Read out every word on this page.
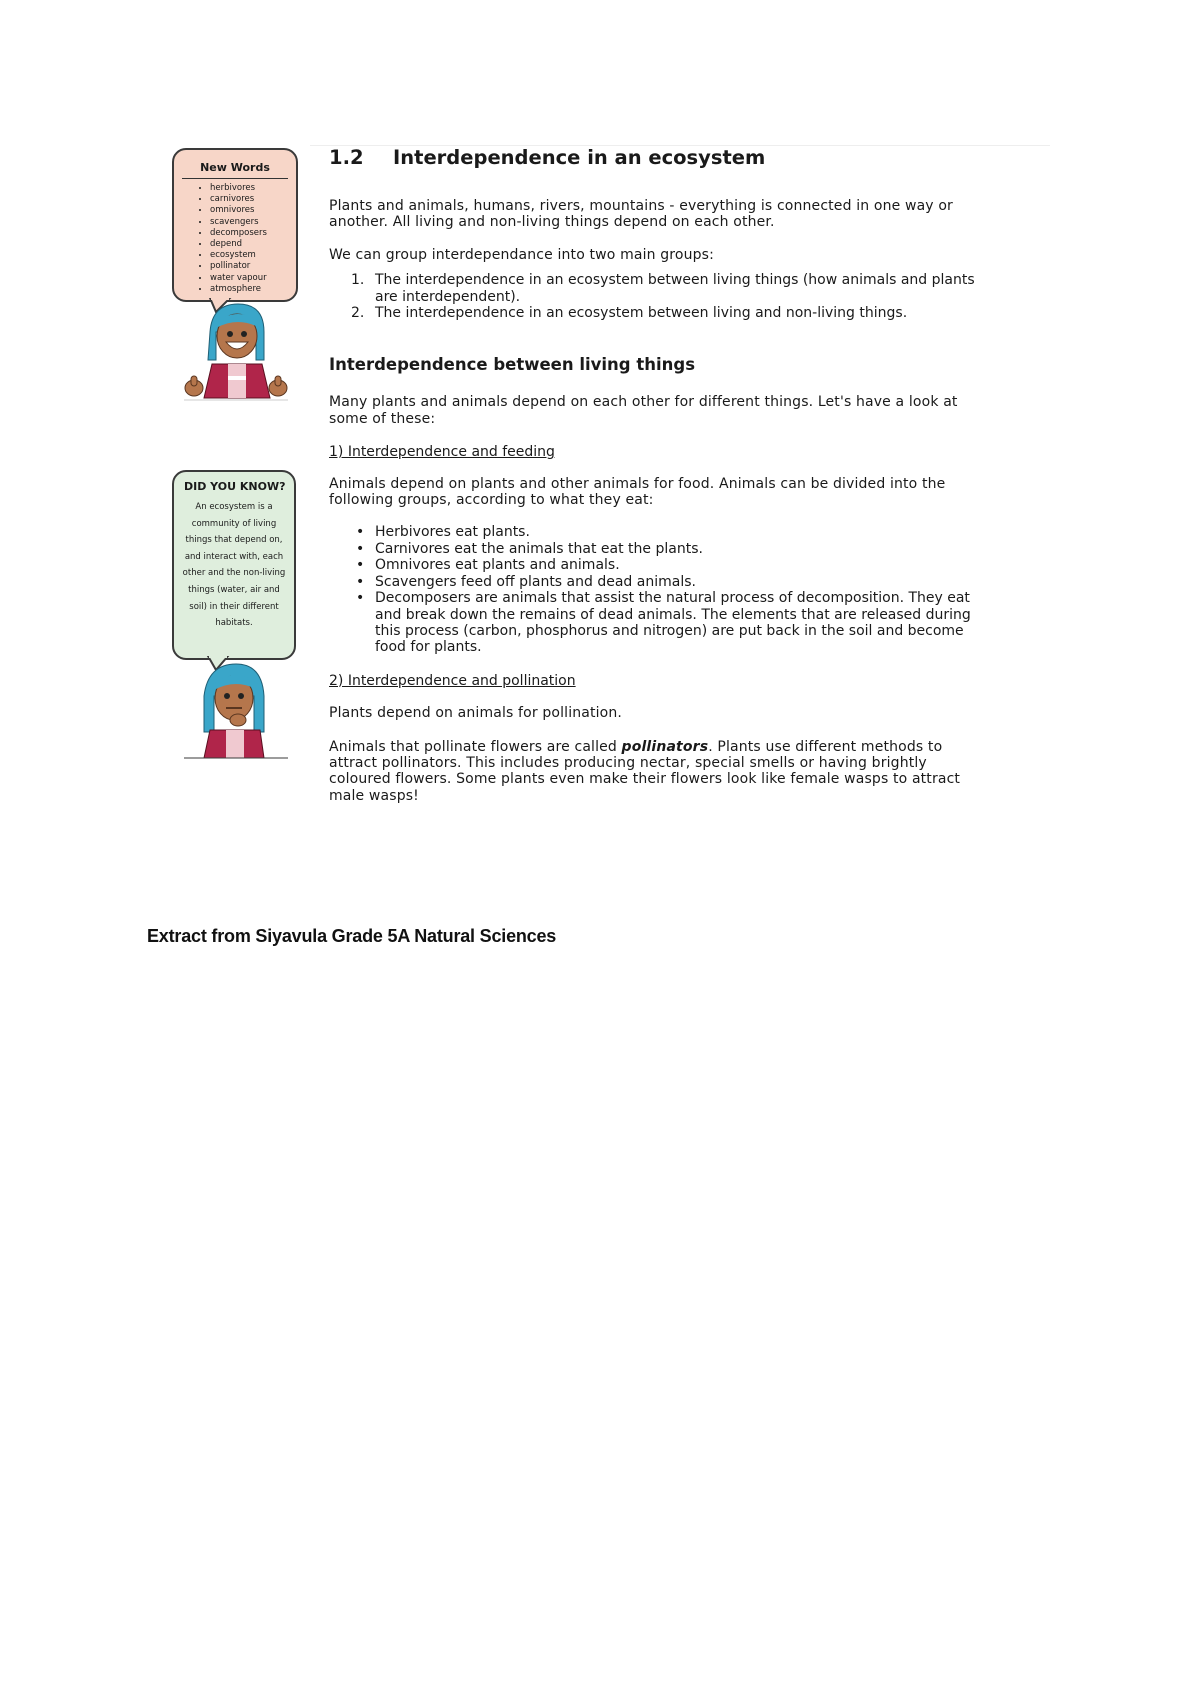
New Words
• herbivores
• carnivores
• omnivores
• scavengers
• decomposers
• depend
• ecosystem
• pollinator
• water vapour
• atmosphere
DID YOU KNOW?
An ecosystem is a community of living things that depend on, and interact with, each other and the non-living things (water, air and soil) in their different habitats.
1.2	Interdependence in an ecosystem

Plants and animals, humans, rivers, mountains - everything is connected in one way or another. All living and non-living things depend on each other.

We can group interdependance into two main groups:

1. The interdependence in an ecosystem between living things (how animals and plants are interdependent).
2. The interdependence in an ecosystem between living and non-living things.

Interdependence between living things

Many plants and animals depend on each other for different things. Let's have a look at some of these:

1) Interdependence and feeding

Animals depend on plants and other animals for food. Animals can be divided into the following groups, according to what they eat:

• Herbivores eat plants.
• Carnivores eat the animals that eat the plants.
• Omnivores eat plants and animals.
• Scavengers feed off plants and dead animals.
• Decomposers are animals that assist the natural process of decomposition. They eat and break down the remains of dead animals. The elements that are released during this process (carbon, phosphorus and nitrogen) are put back in the soil and become food for plants.

2) Interdependence and pollination

Plants depend on animals for pollination.

Animals that pollinate flowers are called pollinators. Plants use different methods to attract pollinators. This includes producing nectar, special smells or having brightly coloured flowers. Some plants even make their flowers look like female wasps to attract male wasps!

Extract from Siyavula Grade 5A Natural Sciences
